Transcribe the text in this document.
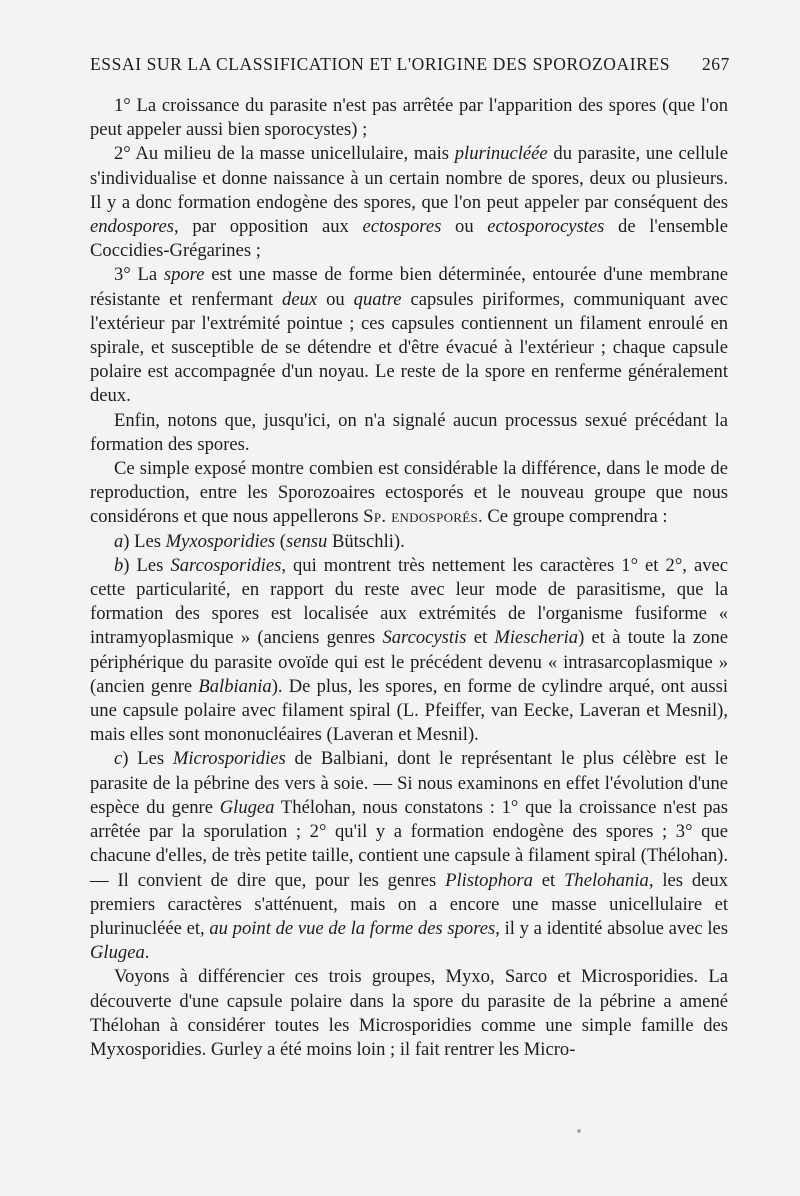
ESSAI SUR LA CLASSIFICATION ET L'ORIGINE DES SPOROZOAIRES 267

1° La croissance du parasite n'est pas arrêtée par l'apparition des spores (que l'on peut appeler aussi bien sporocystes) ;

2° Au milieu de la masse unicellulaire, mais plurinucléée du parasite, une cellule s'individualise et donne naissance à un certain nombre de spores, deux ou plusieurs. Il y a donc formation endogène des spores, que l'on peut appeler par conséquent des endospores, par opposition aux ectospores ou ectosporocystes de l'ensemble Coccidies-Grégarines ;

3° La spore est une masse de forme bien déterminée, entourée d'une membrane résistante et renfermant deux ou quatre capsules piriformes, communiquant avec l'extérieur par l'extrémité pointue ; ces capsules contiennent un filament enroulé en spirale, et susceptible de se détendre et d'être évacué à l'extérieur ; chaque capsule polaire est accompagnée d'un noyau. Le reste de la spore en renferme généralement deux.

Enfin, notons que, jusqu'ici, on n'a signalé aucun processus sexué précédant la formation des spores.

Ce simple exposé montre combien est considérable la différence, dans le mode de reproduction, entre les Sporozoaires ectosporés et le nouveau groupe que nous considérons et que nous appellerons Sp. endosporés. Ce groupe comprendra :

a) Les Myxosporidies (sensu Bütschli).

b) Les Sarcosporidies, qui montrent très nettement les caractères 1° et 2°, avec cette particularité, en rapport du reste avec leur mode de parasitisme, que la formation des spores est localisée aux extrémités de l'organisme fusiforme « intramyoplasmique » (anciens genres Sarcocystis et Miescheria) et à toute la zone périphérique du parasite ovoïde qui est le précédent devenu « intrasarcoplasmique » (ancien genre Balbiania). De plus, les spores, en forme de cylindre arqué, ont aussi une capsule polaire avec filament spiral (L. Pfeiffer, van Eecke, Laveran et Mesnil), mais elles sont mononucléaires (Laveran et Mesnil).

c) Les Microsporidies de Balbiani, dont le représentant le plus célèbre est le parasite de la pébrine des vers à soie. — Si nous examinons en effet l'évolution d'une espèce du genre Glugea Thélohan, nous constatons : 1° que la croissance n'est pas arrêtée par la sporulation ; 2° qu'il y a formation endogène des spores ; 3° que chacune d'elles, de très petite taille, contient une capsule à filament spiral (Thélohan). — Il convient de dire que, pour les genres Plistophora et Thelohania, les deux premiers caractères s'atténuent, mais on a encore une masse unicellulaire et plurinucléée et, au point de vue de la forme des spores, il y a identité absolue avec les Glugea.

Voyons à différencier ces trois groupes, Myxo, Sarco et Microsporidies. La découverte d'une capsule polaire dans la spore du parasite de la pébrine a amené Thélohan à considérer toutes les Microsporidies comme une simple famille des Myxosporidies. Gurley a été moins loin ; il fait rentrer les Micro-
